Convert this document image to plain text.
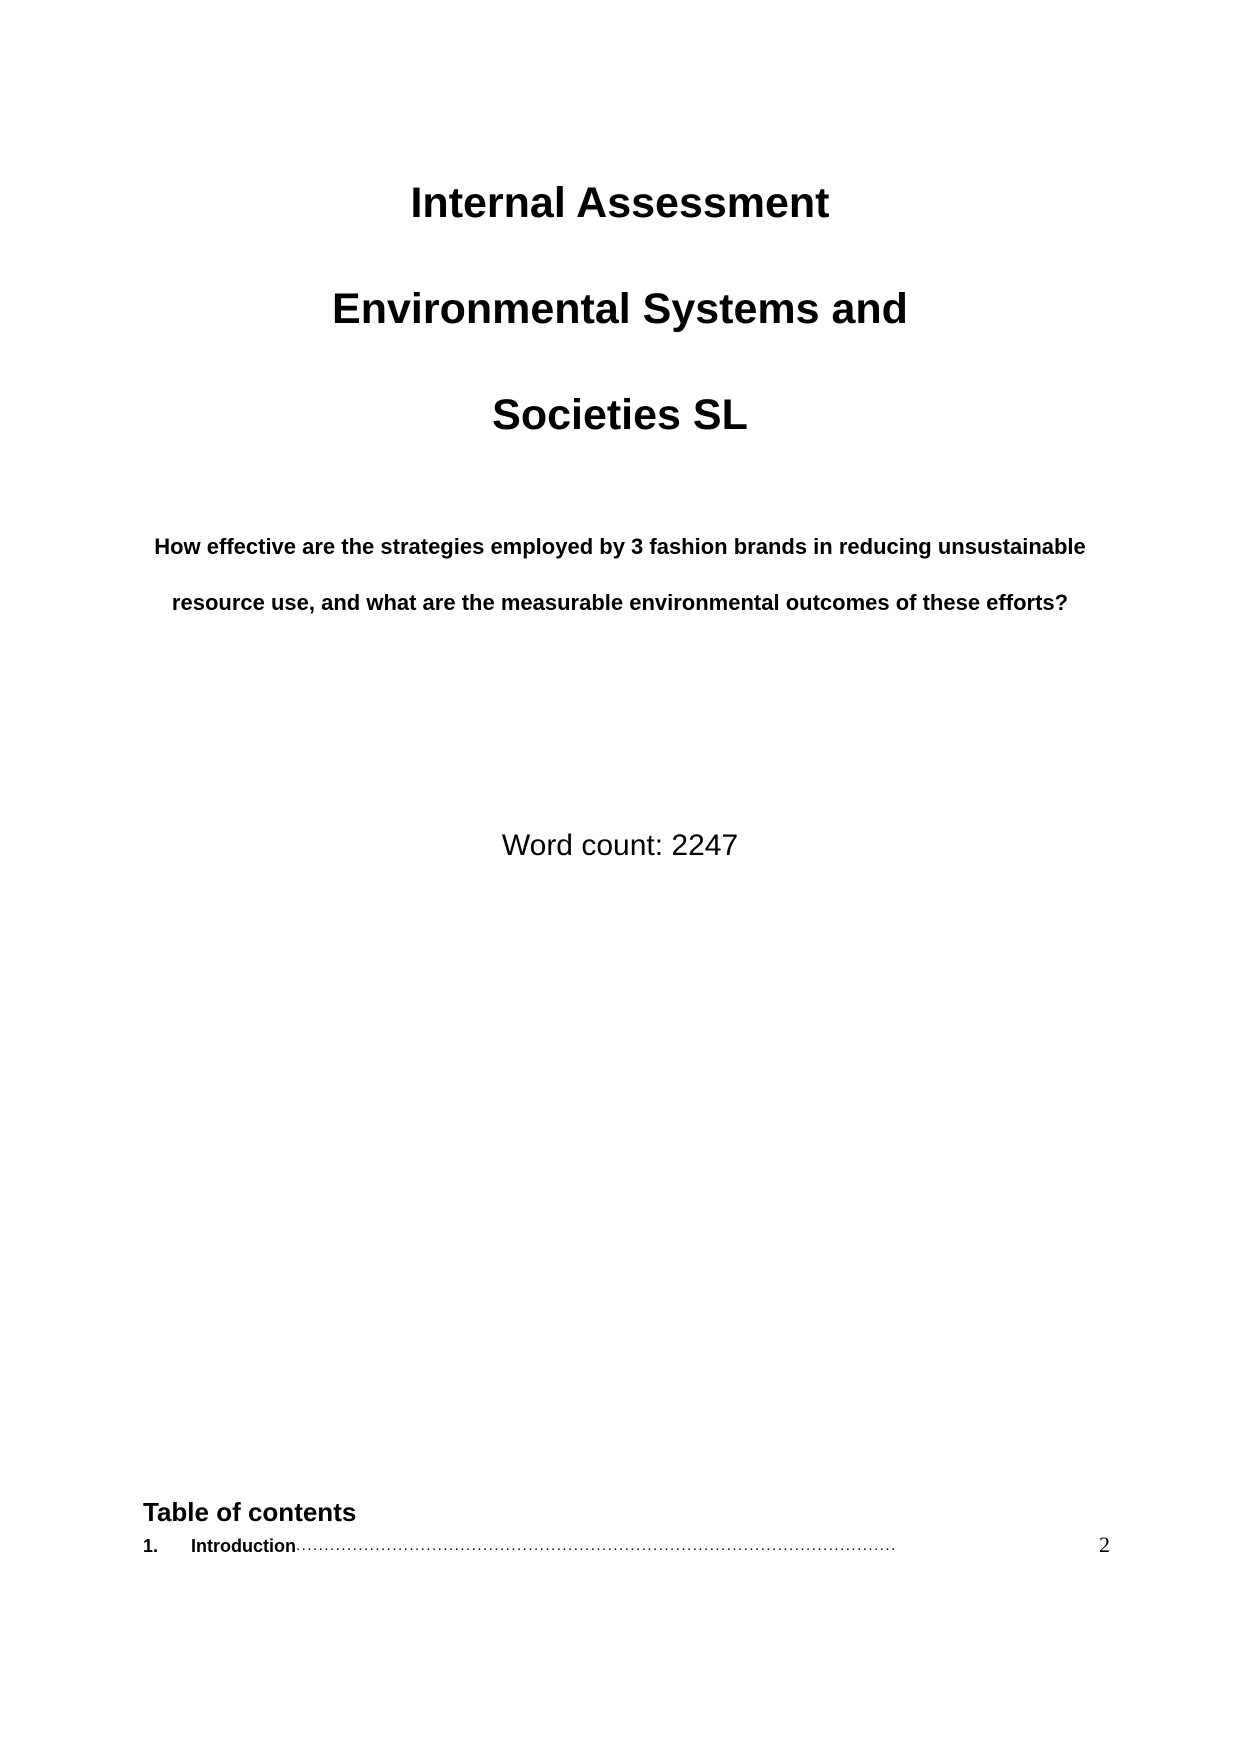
Internal Assessment
Environmental Systems and
Societies SL
How effective are the strategies employed by 3 fashion brands in reducing unsustainable resource use, and what are the measurable environmental outcomes of these efforts?
Word count: 2247
Table of contents
1.	Introduction ..........................................................................................................	2
